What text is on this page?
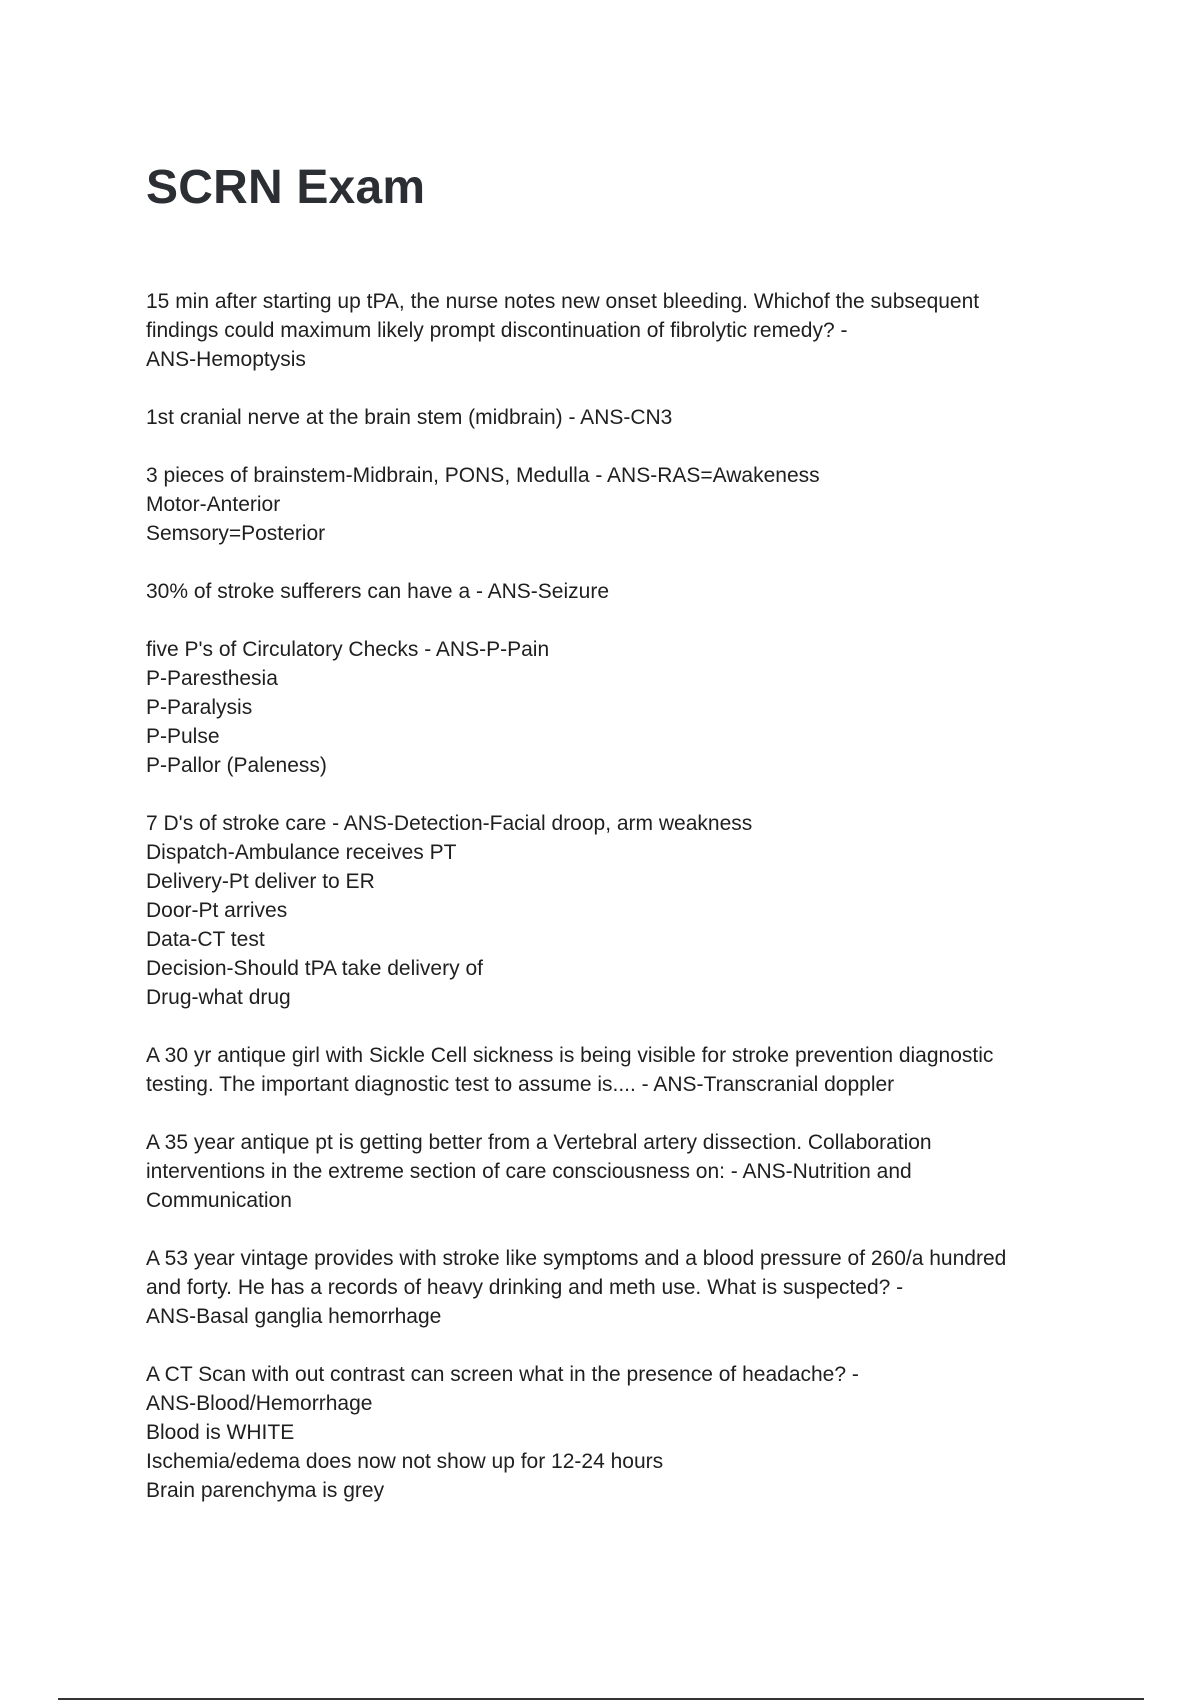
SCRN Exam
15 min after starting up tPA, the nurse notes new onset bleeding. Whichof the subsequent
findings could maximum likely prompt discontinuation of fibrolytic remedy? -
ANS-Hemoptysis
1st cranial nerve at the brain stem (midbrain) - ANS-CN3
3 pieces of brainstem-Midbrain, PONS, Medulla - ANS-RAS=Awakeness
Motor-Anterior
Semsory=Posterior
30% of stroke sufferers can have a - ANS-Seizure
five P's of Circulatory Checks - ANS-P-Pain
P-Paresthesia
P-Paralysis
P-Pulse
P-Pallor (Paleness)
7 D's of stroke care - ANS-Detection-Facial droop, arm weakness
Dispatch-Ambulance receives PT
Delivery-Pt deliver to ER
Door-Pt arrives
Data-CT test
Decision-Should tPA take delivery of
Drug-what drug
A 30 yr antique girl with Sickle Cell sickness is being visible for stroke prevention diagnostic
testing. The important diagnostic test to assume is.... - ANS-Transcranial doppler
A 35 year antique pt is getting better from a Vertebral artery dissection. Collaboration
interventions in the extreme section of care consciousness on: - ANS-Nutrition and
Communication
A 53 year vintage provides with stroke like symptoms and a blood pressure of 260/a hundred
and forty. He has a records of heavy drinking and meth use. What is suspected? -
ANS-Basal ganglia hemorrhage
A CT Scan with out contrast can screen what in the presence of headache? -
ANS-Blood/Hemorrhage
Blood is WHITE
Ischemia/edema does now not show up for 12-24 hours
Brain parenchyma is grey
